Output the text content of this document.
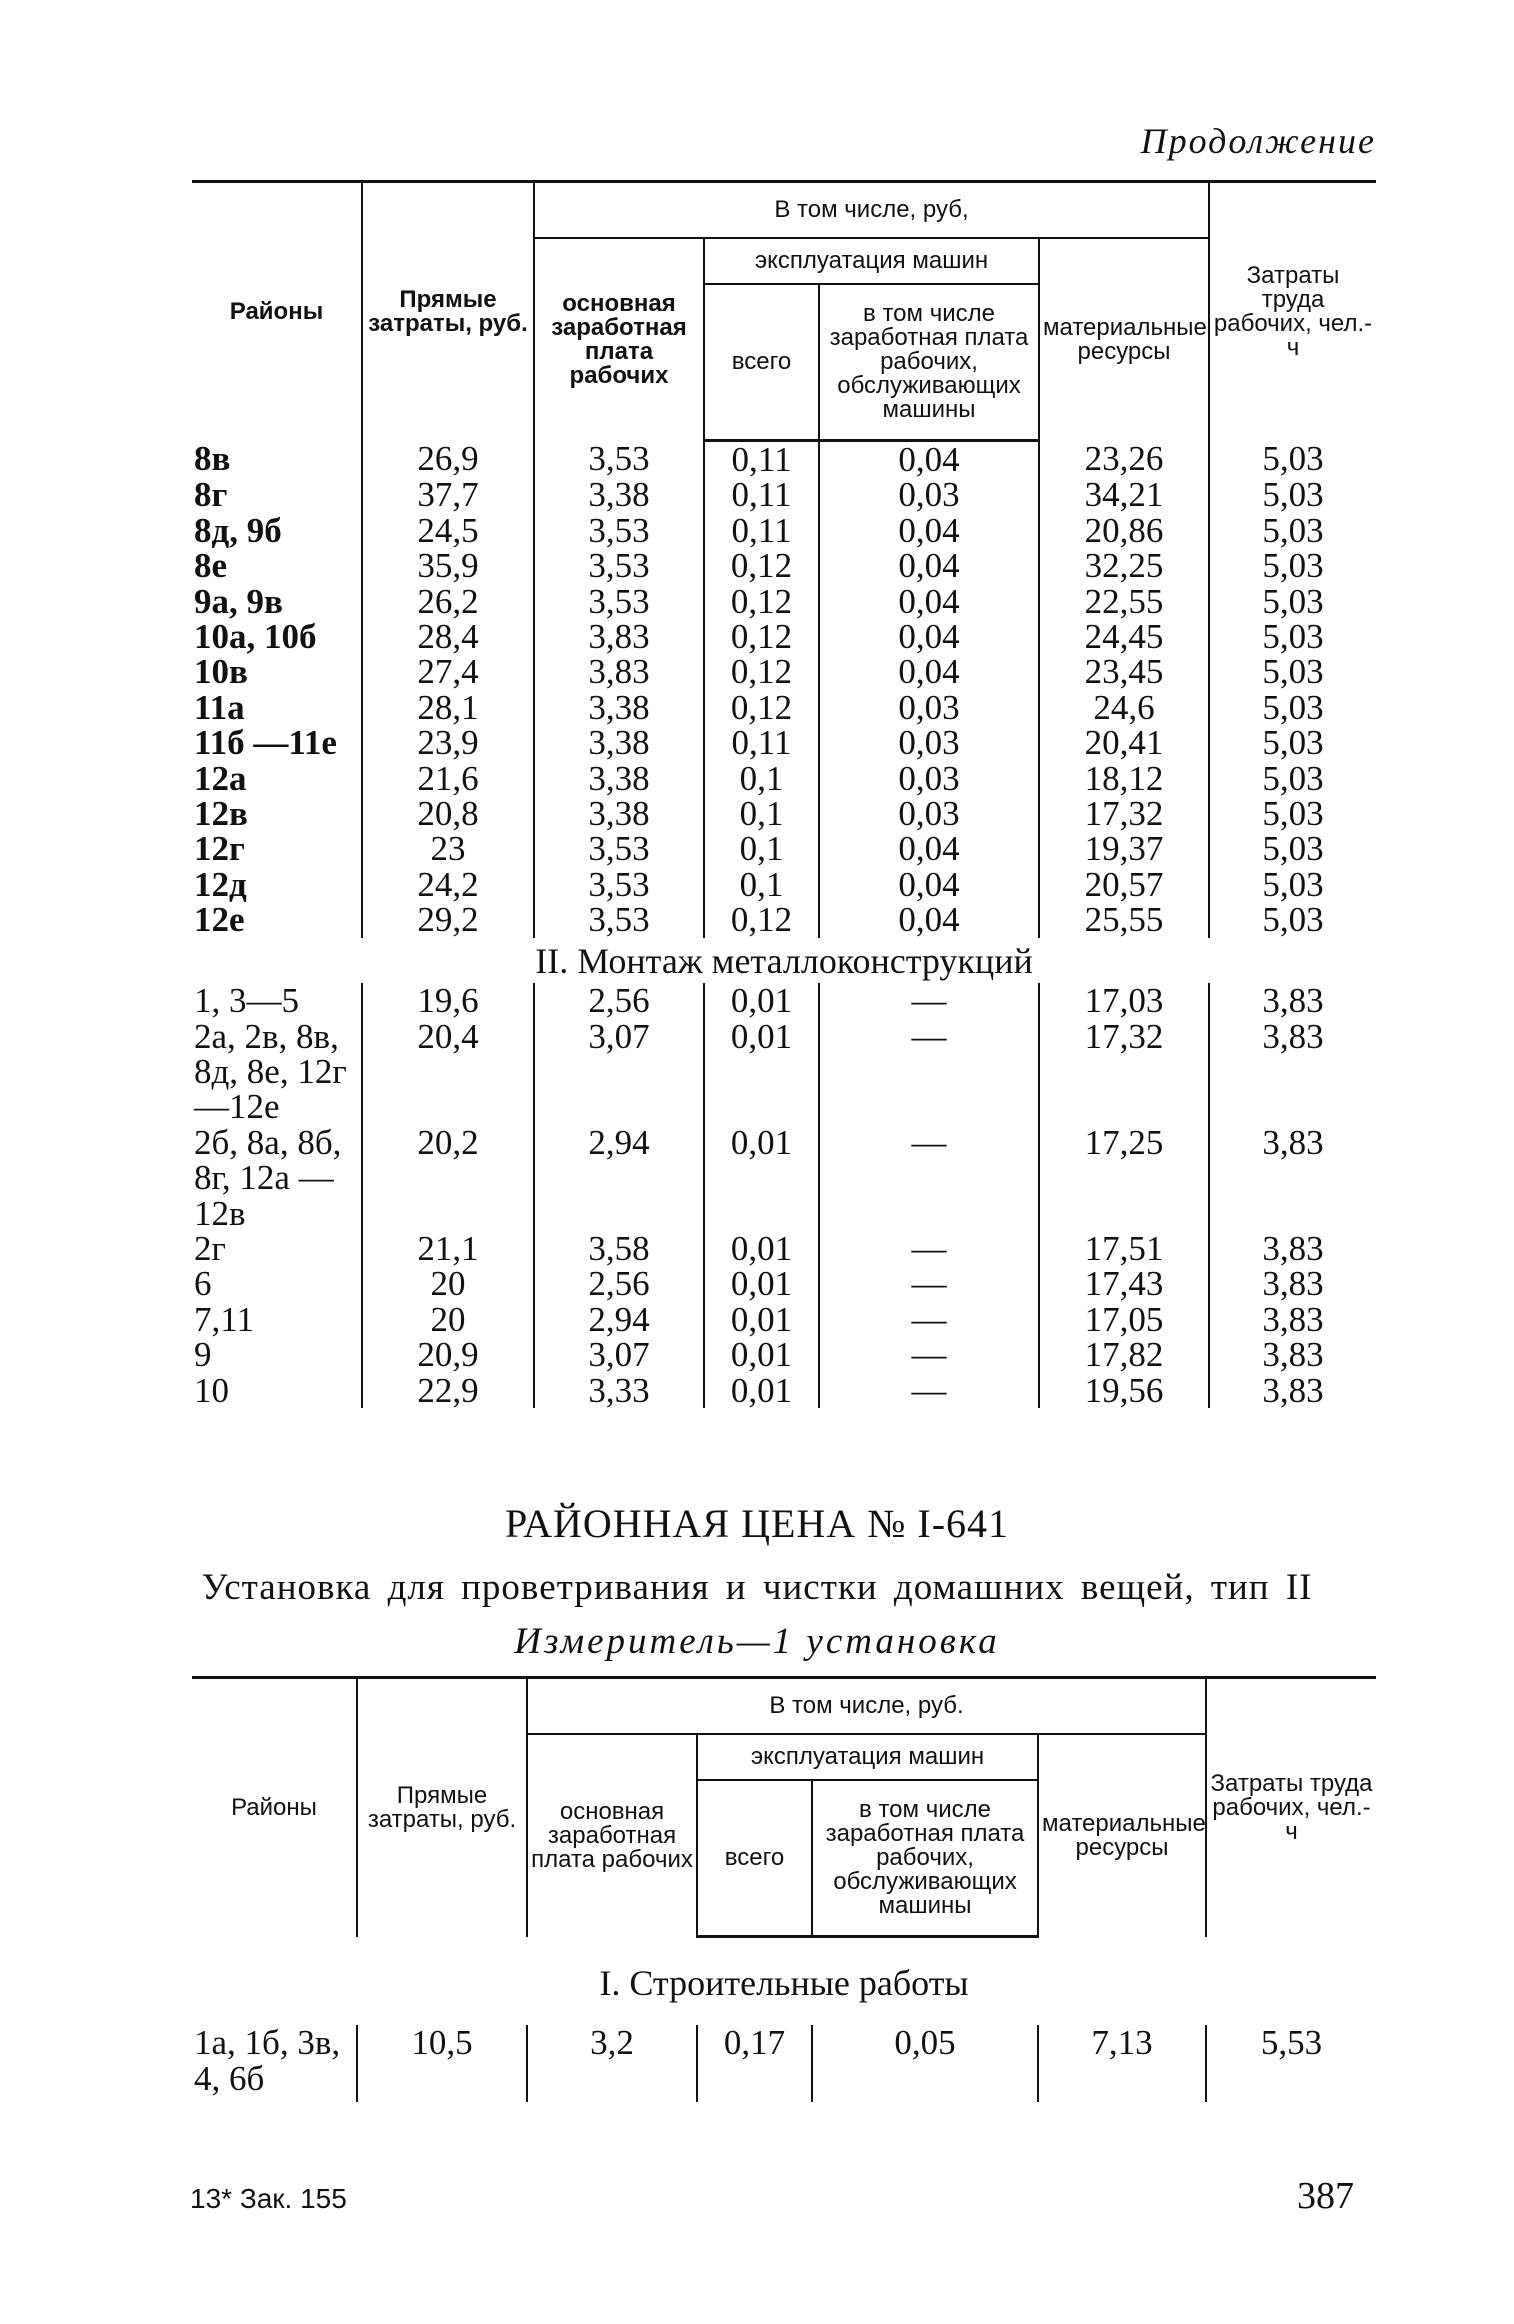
Продолжение
Районы	Прямые затраты, руб.	В том числе, руб,				Затраты труда рабочих, чел.-ч
		основная заработная плата рабочих	эксплуатация машин		материальные ресурсы	
			всего	в том числе заработная плата рабочих, обслуживающих машины		
8в	26,9	3,53	0,11	0,04	23,26	5,03
8г	37,7	3,38	0,11	0,03	34,21	5,03
8д, 9б	24,5	3,53	0,11	0,04	20,86	5,03
8е	35,9	3,53	0,12	0,04	32,25	5,03
9а, 9в	26,2	3,53	0,12	0,04	22,55	5,03
10а, 10б	28,4	3,83	0,12	0,04	24,45	5,03
10в	27,4	3,83	0,12	0,04	23,45	5,03
11а	28,1	3,38	0,12	0,03	24,6	5,03
11б —11е	23,9	3,38	0,11	0,03	20,41	5,03
12а	21,6	3,38	0,1	0,03	18,12	5,03
12в	20,8	3,38	0,1	0,03	17,32	5,03
12г	23	3,53	0,1	0,04	19,37	5,03
12д	24,2	3,53	0,1	0,04	20,57	5,03
12е	29,2	3,53	0,12	0,04	25,55	5,03
II. Монтаж металлоконструкций						
1, 3—5	19,6	2,56	0,01	—	17,03	3,83
2а, 2в, 8в, 8д, 8е, 12г —12е	20,4	3,07	0,01	—	17,32	3,83
2б, 8а, 8б, 8г, 12а — 12в	20,2	2,94	0,01	—	17,25	3,83
2г	21,1	3,58	0,01	—	17,51	3,83
6	20	2,56	0,01	—	17,43	3,83
7,11	20	2,94	0,01	—	17,05	3,83
9	20,9	3,07	0,01	—	17,82	3,83
10	22,9	3,33	0,01	—	19,56	3,83
РАЙОННАЯ ЦЕНА № I-641
Установка для проветривания и чистки домашних вещей, тип II
Измеритель—1 установка
Районы	Прямые затраты, руб.	В том числе, руб.				Затраты труда рабочих, чел.-ч
		основная заработная плата рабочих	эксплуатация машин		материальные ресурсы	
			всего	в том числе заработная плата рабочих, обслуживающих машины		
I. Строительные работы						
1а, 1б, 3в, 4, 6б	10,5	3,2	0,17	0,05	7,13	5,53
13* Зак. 155	387
